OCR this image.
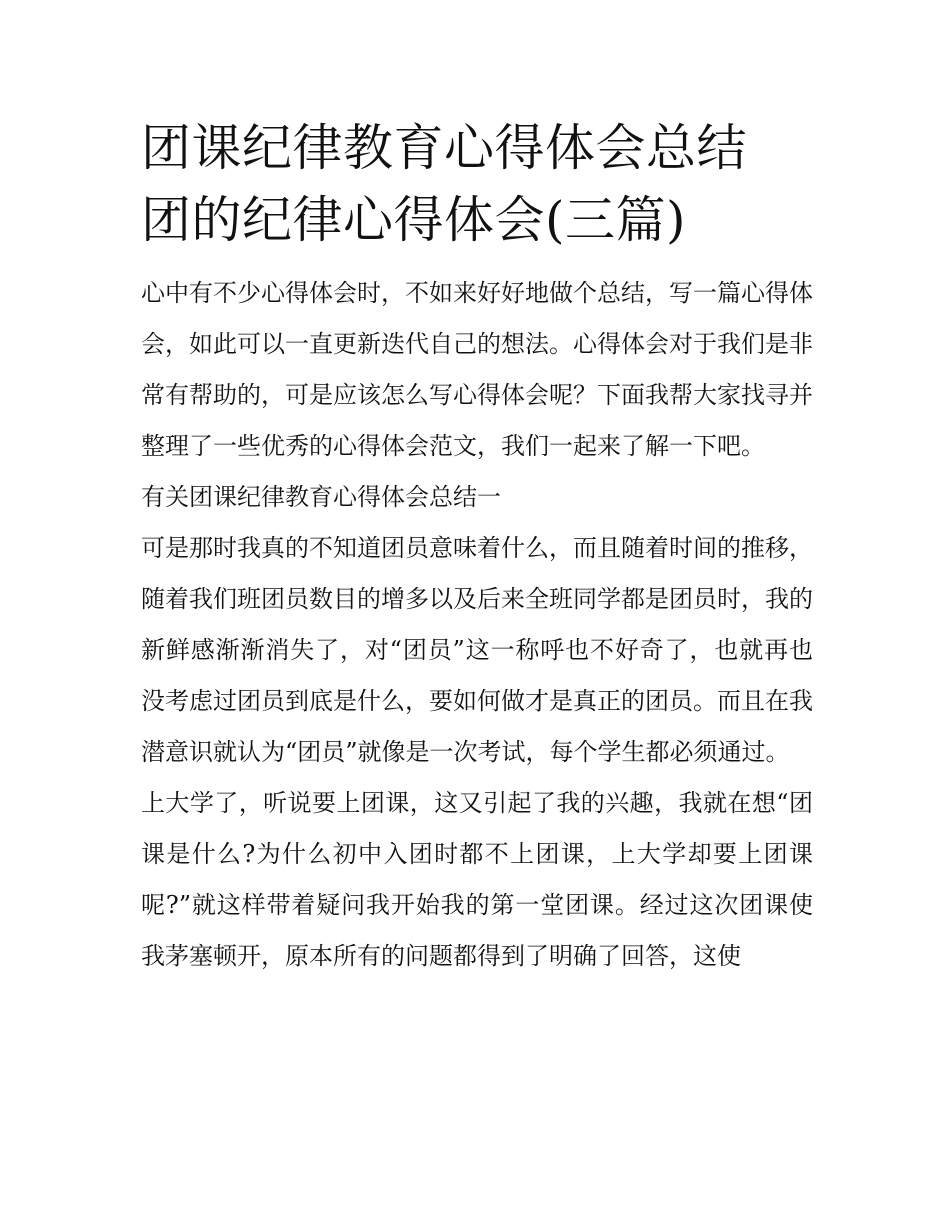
团课纪律教育心得体会总结 团的纪律心得体会(三篇)

心中有不少心得体会时，不如来好好地做个总结，写一篇心得体会，如此可以一直更新迭代自己的想法。心得体会对于我们是非常有帮助的，可是应该怎么写心得体会呢？下面我帮大家找寻并整理了一些优秀的心得体会范文，我们一起来了解一下吧。

有关团课纪律教育心得体会总结一

可是那时我真的不知道团员意味着什么，而且随着时间的推移，随着我们班团员数目的增多以及后来全班同学都是团员时，我的新鲜感渐渐消失了，对“团员”这一称呼也不好奇了，也就再也没考虑过团员到底是什么，要如何做才是真正的团员。而且在我潜意识就认为“团员”就像是一次考试，每个学生都必须通过。

上大学了，听说要上团课，这又引起了我的兴趣，我就在想“团课是什么?为什么初中入团时都不上团课，上大学却要上团课呢?”就这样带着疑问我开始我的第一堂团课。经过这次团课使我茅塞顿开，原本所有的问题都得到了明确了回答，这使
